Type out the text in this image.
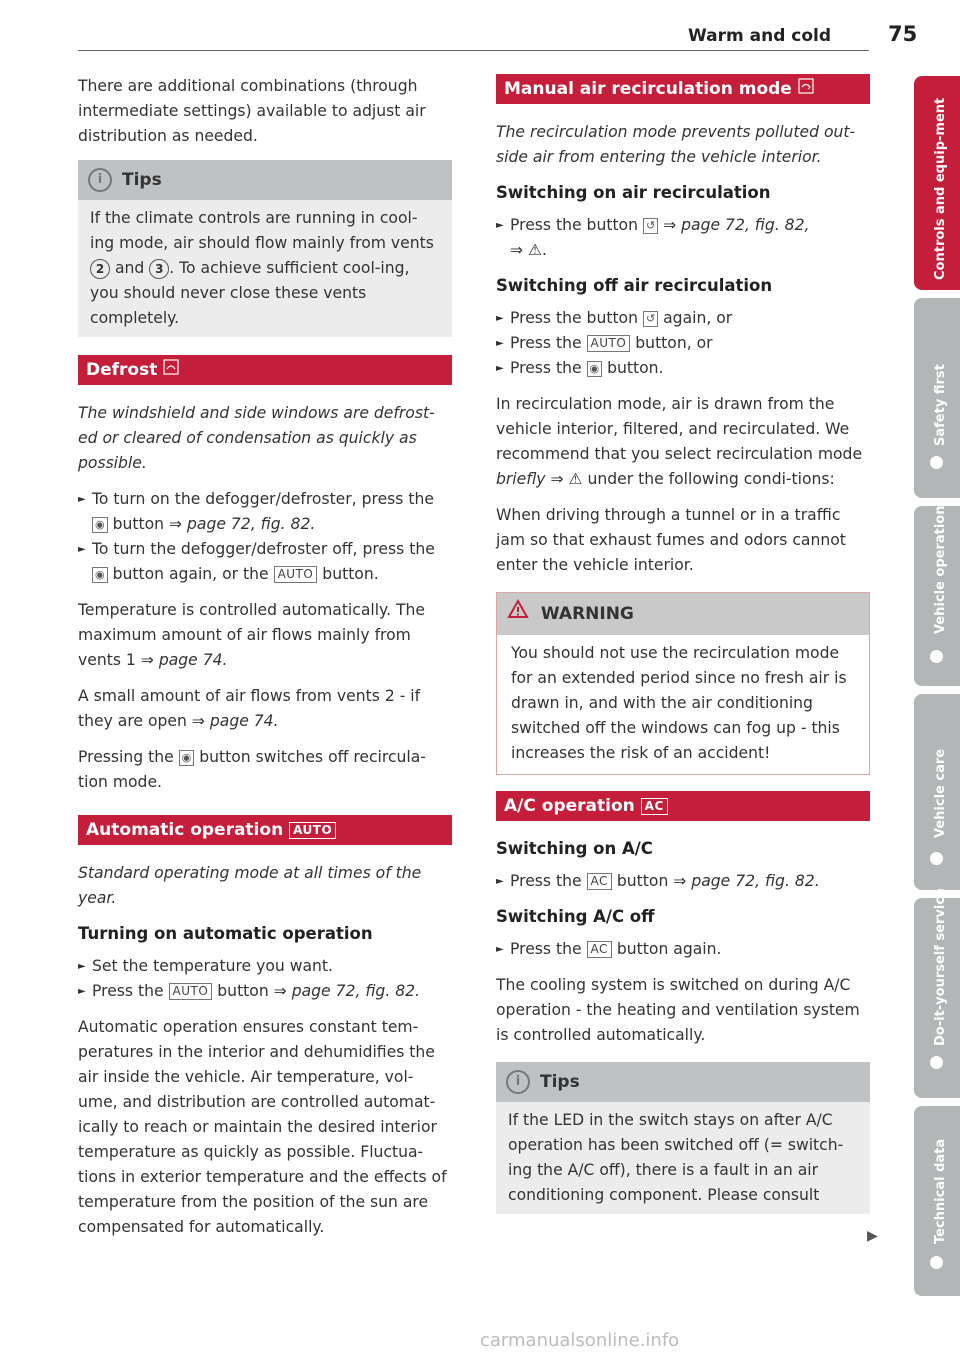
Warm and cold	75

There are additional combinations (through intermediate settings) available to adjust air distribution as needed.

i Tips
If the climate controls are running in cool-ing mode, air should flow mainly from vents 2 and 3 . To achieve sufficient cool-ing, you should never close these vents completely.
Defrost

The windshield and side windows are defrost-ed or cleared of condensation as quickly as possible.

► To turn on the defogger/defroster, press the ◉ button ⇒ page 72, fig. 82.
► To turn the defogger/defroster off, press the ◉ button again, or the AUTO button.

Temperature is controlled automatically. The maximum amount of air flows mainly from vents 1 ⇒ page 74.

A small amount of air flows from vents 2 - if they are open ⇒ page 74.

Pressing the ◉ button switches off recircula-tion mode.

Automatic operation AUTO

Standard operating mode at all times of the year.

Turning on automatic operation
► Set the temperature you want.
► Press the AUTO button ⇒ page 72, fig. 82.

Automatic operation ensures constant tem-peratures in the interior and dehumidifies the air inside the vehicle. Air temperature, vol-ume, and distribution are controlled automat-ically to reach or maintain the desired interior temperature as quickly as possible. Fluctua-tions in exterior temperature and the effects of temperature from the position of the sun are compensated for automatically.

Manual air recirculation mode

The recirculation mode prevents polluted out-side air from entering the vehicle interior.

Switching on air recirculation
► Press the button ↺ ⇒ page 72, fig. 82,

⇒ ⚠.

Switching off air recirculation
► Press the button ↺ again, or
► Press the AUTO button, or
► Press the ◉ button.

In recirculation mode, air is drawn from the vehicle interior, filtered, and recirculated. We recommend that you select recirculation mode briefly ⇒ ⚠ under the following condi-tions:

When driving through a tunnel or in a traffic jam so that exhaust fumes and odors cannot enter the vehicle interior.

WARNING
You should not use the recirculation mode for an extended period since no fresh air is drawn in, and with the air conditioning switched off the windows can fog up - this increases the risk of an accident!
A/C operation AC
Switching on A/C
► Press the AC button ⇒ page 72, fig. 82.
Switching A/C off
► Press the AC button again.

The cooling system is switched on during A/C operation - the heating and ventilation system is controlled automatically.

i Tips
If the LED in the switch stays on after A/C operation has been switched off (= switch-ing the A/C off), there is a fault in an air conditioning component. Please consult
▶
Controls and equip-ment
Safety first
Vehicle operation
Vehicle care
Do-it-yourself service
Technical data
carmanualsonline.info
